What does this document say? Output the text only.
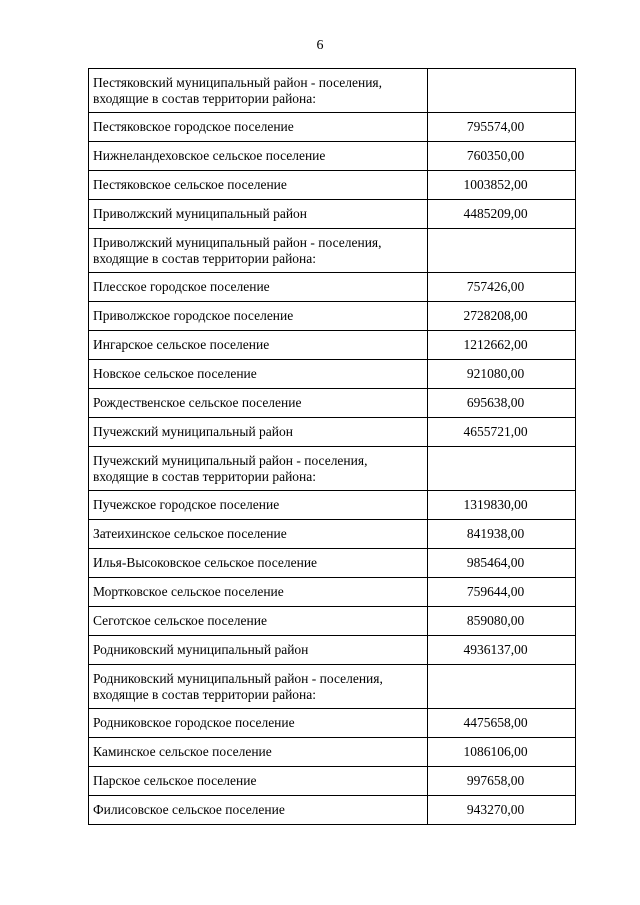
6
Пестяковский муниципальный район - поселения, входящие в состав территории района:	
Пестяковское городское поселение	795574,00
Нижнеландеховское сельское поселение	760350,00
Пестяковское сельское поселение	1003852,00
Приволжский муниципальный район	4485209,00
Приволжский муниципальный район - поселения, входящие в состав территории района:	
Плесское городское поселение	757426,00
Приволжское городское поселение	2728208,00
Ингарское сельское поселение	1212662,00
Новское сельское поселение	921080,00
Рождественское сельское поселение	695638,00
Пучежский муниципальный район	4655721,00
Пучежский муниципальный район - поселения, входящие в состав территории района:	
Пучежское городское поселение	1319830,00
Затеихинское сельское поселение	841938,00
Илья-Высоковское сельское поселение	985464,00
Мортковское сельское поселение	759644,00
Сеготское сельское поселение	859080,00
Родниковский муниципальный район	4936137,00
Родниковский муниципальный район - поселения, входящие в состав территории района:	
Родниковское городское поселение	4475658,00
Каминское сельское поселение	1086106,00
Парское сельское поселение	997658,00
Филисовское сельское поселение	943270,00
